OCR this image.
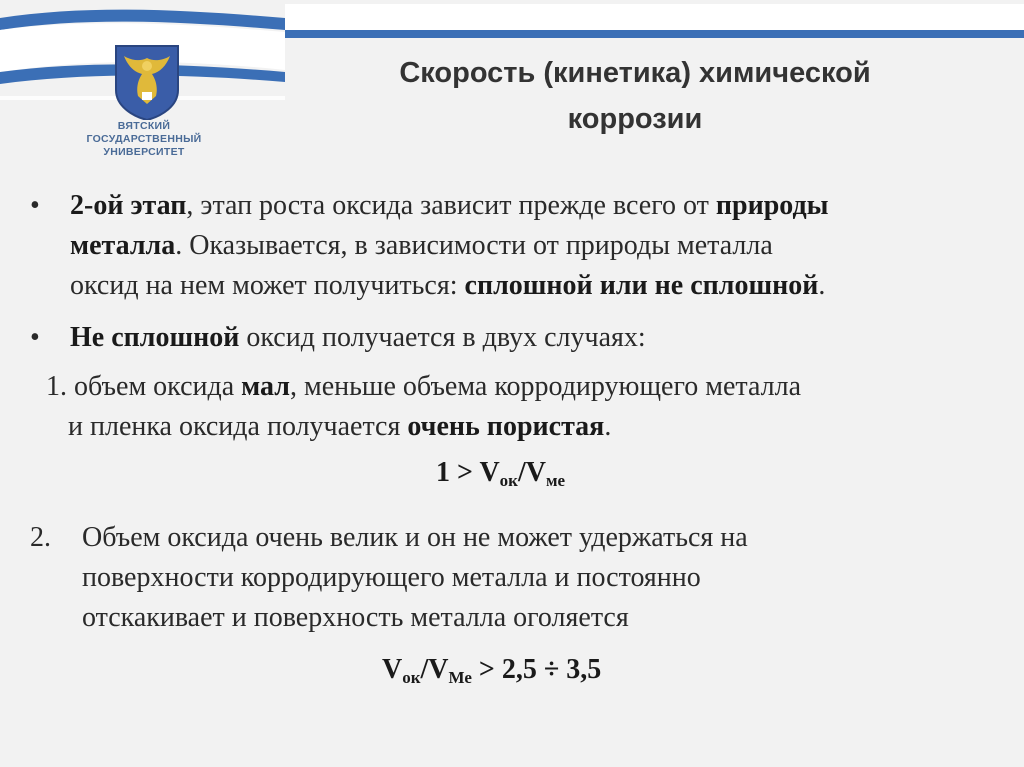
ВЯТСКИЙ
ГОСУДАРСТВЕННЫЙ
УНИВЕРСИТЕТ
Скорость (кинетика) химической
коррозии
• 2-ой этап, этап роста оксида зависит прежде всего от природы
металла. Оказывается, в зависимости от природы металла
оксид на нем может получиться: сплошной или не сплошной.
• Не сплошной оксид получается в двух случаях:
1. объем оксида мал, меньше объема корродирующего металла
и пленка оксида получается очень пористая.
$1 > V_{ок}/V_{ме}$
2. Объем оксида очень велик и он не может удержаться на
поверхности корродирующего металла и постоянно
отскакивает и поверхность металла оголяется
$V_{ок}/V_{Ме} > 2,5 \div 3,5$
